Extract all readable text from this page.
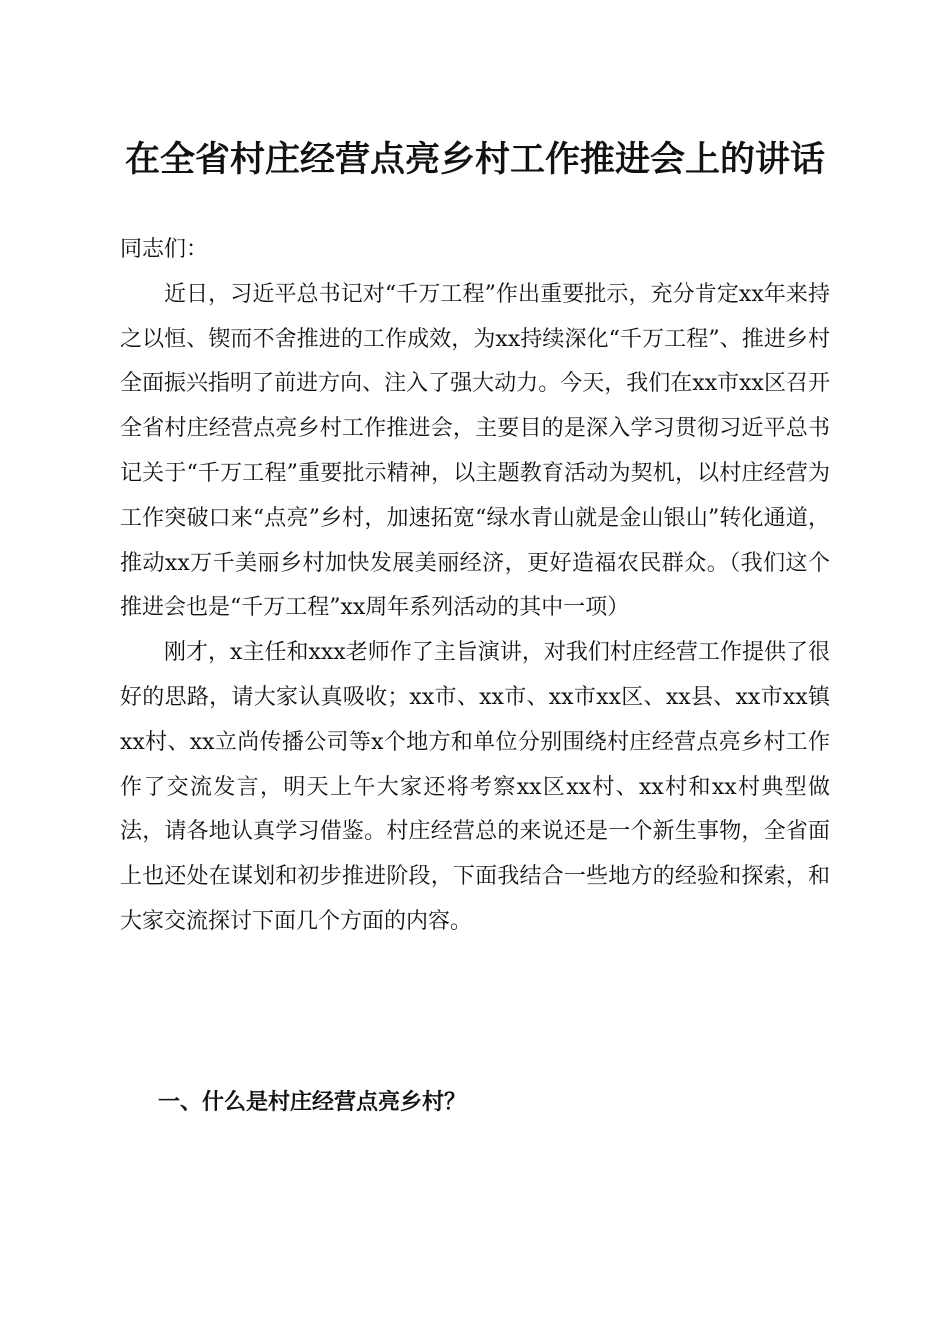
在全省村庄经营点亮乡村工作推进会上的讲话

同志们：

近日，习近平总书记对“千万工程”作出重要批示，充分肯定xx年来持之以恒、锲而不舍推进的工作成效，为xx持续深化“千万工程”、推进乡村全面振兴指明了前进方向、注入了强大动力。今天，我们在xx市xx区召开全省村庄经营点亮乡村工作推进会，主要目的是深入学习贯彻习近平总书记关于“千万工程”重要批示精神，以主题教育活动为契机，以村庄经营为工作突破口来“点亮”乡村，加速拓宽“绿水青山就是金山银山”转化通道，推动xx万千美丽乡村加快发展美丽经济，更好造福农民群众。（我们这个推进会也是“千万工程”xx周年系列活动的其中一项）

刚才，x主任和xxx老师作了主旨演讲，对我们村庄经营工作提供了很好的思路，请大家认真吸收；xx市、xx市、xx市xx区、xx县、xx市xx镇xx村、xx立尚传播公司等x个地方和单位分别围绕村庄经营点亮乡村工作作了交流发言，明天上午大家还将考察xx区xx村、xx村和xx村典型做法，请各地认真学习借鉴。村庄经营总的来说还是一个新生事物，全省面上也还处在谋划和初步推进阶段，下面我结合一些地方的经验和探索，和大家交流探讨下面几个方面的内容。

一、什么是村庄经营点亮乡村？
